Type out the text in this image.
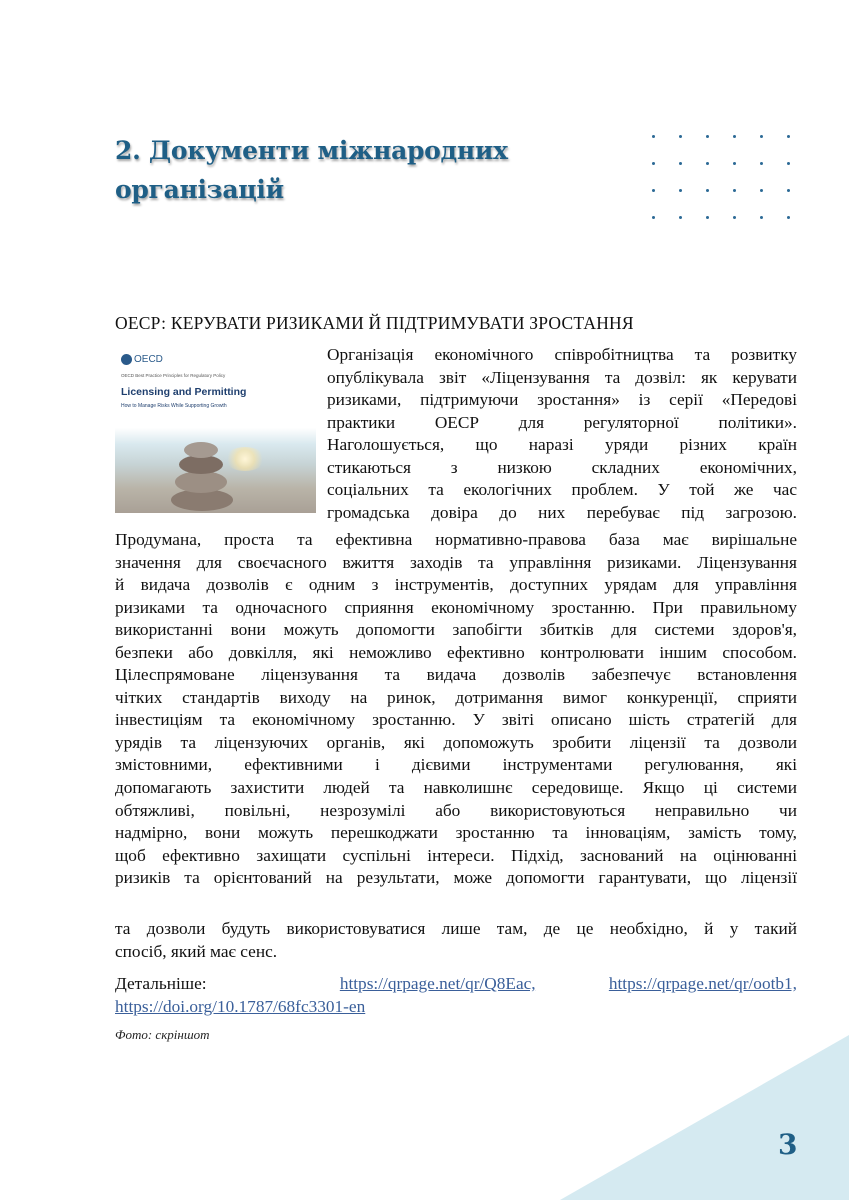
2. Документи міжнародних
організацій
ОЕСР: КЕРУВАТИ РИЗИКАМИ Й ПІДТРИМУВАТИ ЗРОСТАННЯ
OECD
OECD Best Practice Principles for Regulatory Policy
Licensing and Permitting
How to Manage Risks While Supporting Growth
Організація економічного співробітництва та розвитку
опублікувала звіт «Ліцензування та дозвіл: як керувати
ризиками, підтримуючи зростання» із серії «Передові
практики ОЕСР для регуляторної політики».
Наголошується, що наразі уряди різних країн
стикаються з низкою складних економічних,
соціальних та екологічних проблем. У той же час
громадська довіра до них перебуває під загрозою.
Продумана, проста та ефективна нормативно-правова база має вирішальне
значення для своєчасного вжиття заходів та управління ризиками. Ліцензування
й видача дозволів є одним з інструментів, доступних урядам для управління
ризиками та одночасного сприяння економічному зростанню. При правильному
використанні вони можуть допомогти запобігти збитків для системи здоров'я,
безпеки або довкілля, які неможливо ефективно контролювати іншим способом.
Цілеспрямоване ліцензування та видача дозволів забезпечує встановлення
чітких стандартів виходу на ринок, дотримання вимог конкуренції, сприяти
інвестиціям та економічному зростанню. У звіті описано шість стратегій для
урядів та ліцензуючих органів, які допоможуть зробити ліцензії та дозволи
змістовними, ефективними і дієвими інструментами регулювання, які
допомагають захистити людей та навколишнє середовище. Якщо ці системи
обтяжливі, повільні, незрозумілі або використовуються неправильно чи
надмірно, вони можуть перешкоджати зростанню та інноваціям, замість тому,
щоб ефективно захищати суспільні інтереси. Підхід, заснований на оцінюванні
ризиків та орієнтований на результати, може допомогти гарантувати, що ліцензії
та дозволи будуть використовуватися лише там, де це необхідно, й у такий
спосіб, який має сенс.
Детальніше:	https://qrpage.net/qr/Q8Eac,	https://qrpage.net/qr/ootb1,
https://doi.org/10.1787/68fc3301-en
Фото: скріншот
3
